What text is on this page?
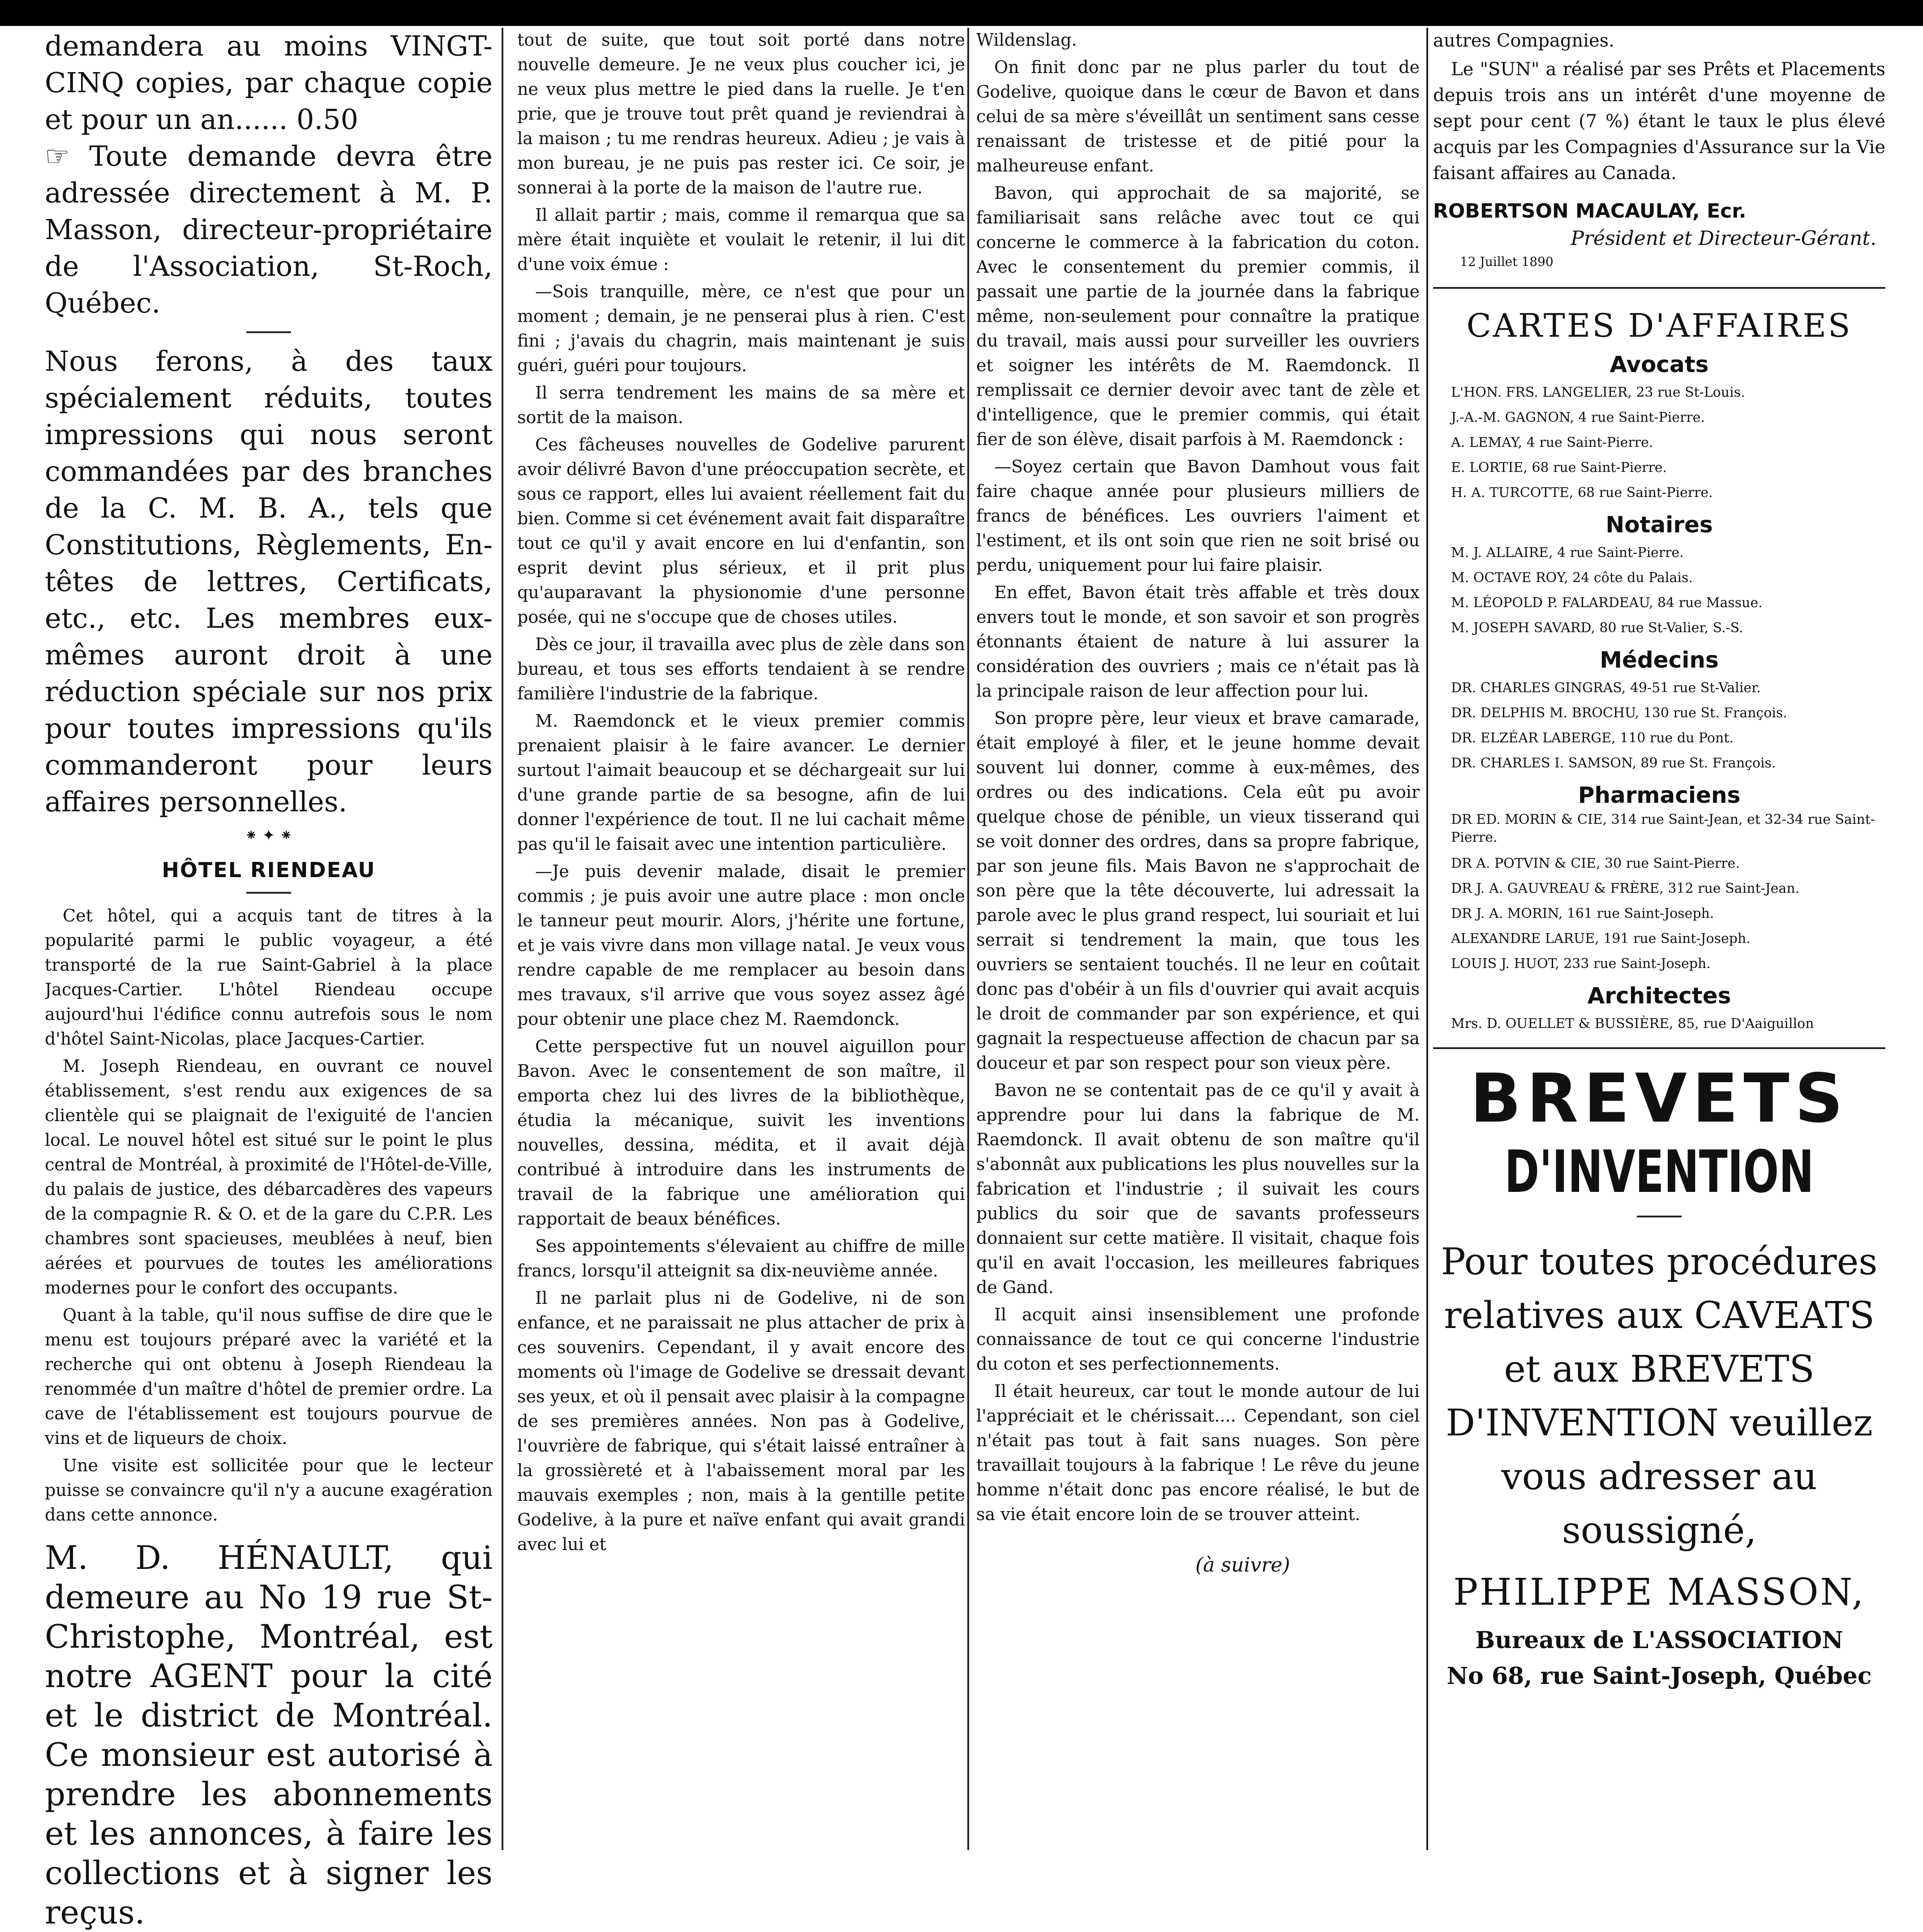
demandera au moins VINGT-CINQ copies, par chaque copie et pour un an...... 0.50

☞ Toute demande devra être adressée directement à M. P. Masson, directeur-propriétaire de l'Association, St-Roch, Québec.

Nous ferons, à des taux spécialement réduits, toutes impressions qui nous seront commandées par des branches de la C. M. B. A., tels que Constitutions, Règlements, En-têtes de lettres, Certificats, etc., etc. Les membres eux-mêmes auront droit à une réduction spéciale sur nos prix pour toutes impressions qu'ils commanderont pour leurs affaires personnelles.

⁕ ✦ ⁕
HÔTEL RIENDEAU

Cet hôtel, qui a acquis tant de titres à la popularité parmi le public voyageur, a été transporté de la rue Saint-Gabriel à la place Jacques-Cartier. L'hôtel Riendeau occupe aujourd'hui l'édifice connu autrefois sous le nom d'hôtel Saint-Nicolas, place Jacques-Cartier.

M. Joseph Riendeau, en ouvrant ce nouvel établissement, s'est rendu aux exigences de sa clientèle qui se plaignait de l'exiguité de l'ancien local. Le nouvel hôtel est situé sur le point le plus central de Montréal, à proximité de l'Hôtel-de-Ville, du palais de justice, des débarcadères des vapeurs de la compagnie R. & O. et de la gare du C.P.R. Les chambres sont spacieuses, meublées à neuf, bien aérées et pourvues de toutes les améliorations modernes pour le confort des occupants.

Quant à la table, qu'il nous suffise de dire que le menu est toujours préparé avec la variété et la recherche qui ont obtenu à Joseph Riendeau la renommée d'un maître d'hôtel de premier ordre. La cave de l'établissement est toujours pourvue de vins et de liqueurs de choix.

Une visite est sollicitée pour que le lecteur puisse se convaincre qu'il n'y a aucune exagération dans cette annonce.

M. D. HÉNAULT, qui demeure au No 19 rue St-Christophe, Montréal, est notre AGENT pour la cité et le district de Montréal. Ce monsieur est autorisé à prendre les abonnements et les annonces, à faire les collections et à signer les reçus.

tout de suite, que tout soit porté dans notre nouvelle demeure. Je ne veux plus coucher ici, je ne veux plus mettre le pied dans la ruelle. Je t'en prie, que je trouve tout prêt quand je reviendrai à la maison ; tu me rendras heureux. Adieu ; je vais à mon bureau, je ne puis pas rester ici. Ce soir, je sonnerai à la porte de la maison de l'autre rue.

Il allait partir ; mais, comme il remarqua que sa mère était inquiète et voulait le retenir, il lui dit d'une voix émue :

—Sois tranquille, mère, ce n'est que pour un moment ; demain, je ne penserai plus à rien. C'est fini ; j'avais du chagrin, mais maintenant je suis guéri, guéri pour toujours.

Il serra tendrement les mains de sa mère et sortit de la maison.

Ces fâcheuses nouvelles de Godelive parurent avoir délivré Bavon d'une préoccupation secrète, et sous ce rapport, elles lui avaient réellement fait du bien. Comme si cet événement avait fait disparaître tout ce qu'il y avait encore en lui d'enfantin, son esprit devint plus sérieux, et il prit plus qu'auparavant la physionomie d'une personne posée, qui ne s'occupe que de choses utiles.

Dès ce jour, il travailla avec plus de zèle dans son bureau, et tous ses efforts tendaient à se rendre familière l'industrie de la fabrique.

M. Raemdonck et le vieux premier commis prenaient plaisir à le faire avancer. Le dernier surtout l'aimait beaucoup et se déchargeait sur lui d'une grande partie de sa besogne, afin de lui donner l'expérience de tout. Il ne lui cachait même pas qu'il le faisait avec une intention particulière.

—Je puis devenir malade, disait le premier commis ; je puis avoir une autre place : mon oncle le tanneur peut mourir. Alors, j'hérite une fortune, et je vais vivre dans mon village natal. Je veux vous rendre capable de me remplacer au besoin dans mes travaux, s'il arrive que vous soyez assez âgé pour obtenir une place chez M. Raemdonck.

Cette perspective fut un nouvel aiguillon pour Bavon. Avec le consentement de son maître, il emporta chez lui des livres de la bibliothèque, étudia la mécanique, suivit les inventions nouvelles, dessina, médita, et il avait déjà contribué à introduire dans les instruments de travail de la fabrique une amélioration qui rapportait de beaux bénéfices.

Ses appointements s'élevaient au chiffre de mille francs, lorsqu'il atteignit sa dix-neuvième année.

Il ne parlait plus ni de Godelive, ni de son enfance, et ne paraissait ne plus attacher de prix à ces souvenirs. Cependant, il y avait encore des moments où l'image de Godelive se dressait devant ses yeux, et où il pensait avec plaisir à la compagne de ses premières années. Non pas à Godelive, l'ouvrière de fabrique, qui s'était laissé entraîner à la grossièreté et à l'abaissement moral par les mauvais exemples ; non, mais à la gentille petite Godelive, à la pure et naïve enfant qui avait grandi avec lui et

Wildenslag.

On finit donc par ne plus parler du tout de Godelive, quoique dans le cœur de Bavon et dans celui de sa mère s'éveillât un sentiment sans cesse renaissant de tristesse et de pitié pour la malheureuse enfant.

Bavon, qui approchait de sa majorité, se familiarisait sans relâche avec tout ce qui concerne le commerce à la fabrication du coton. Avec le consentement du premier commis, il passait une partie de la journée dans la fabrique même, non-seulement pour connaître la pratique du travail, mais aussi pour surveiller les ouvriers et soigner les intérêts de M. Raemdonck. Il remplissait ce dernier devoir avec tant de zèle et d'intelligence, que le premier commis, qui était fier de son élève, disait parfois à M. Raemdonck :

—Soyez certain que Bavon Damhout vous fait faire chaque année pour plusieurs milliers de francs de bénéfices. Les ouvriers l'aiment et l'estiment, et ils ont soin que rien ne soit brisé ou perdu, uniquement pour lui faire plaisir.

En effet, Bavon était très affable et très doux envers tout le monde, et son savoir et son progrès étonnants étaient de nature à lui assurer la considération des ouvriers ; mais ce n'était pas là la principale raison de leur affection pour lui.

Son propre père, leur vieux et brave camarade, était employé à filer, et le jeune homme devait souvent lui donner, comme à eux-mêmes, des ordres ou des indications. Cela eût pu avoir quelque chose de pénible, un vieux tisserand qui se voit donner des ordres, dans sa propre fabrique, par son jeune fils. Mais Bavon ne s'approchait de son père que la tête découverte, lui adressait la parole avec le plus grand respect, lui souriait et lui serrait si tendrement la main, que tous les ouvriers se sentaient touchés. Il ne leur en coûtait donc pas d'obéir à un fils d'ouvrier qui avait acquis le droit de commander par son expérience, et qui gagnait la respectueuse affection de chacun par sa douceur et par son respect pour son vieux père.

Bavon ne se contentait pas de ce qu'il y avait à apprendre pour lui dans la fabrique de M. Raemdonck. Il avait obtenu de son maître qu'il s'abonnât aux publications les plus nouvelles sur la fabrication et l'industrie ; il suivait les cours publics du soir que de savants professeurs donnaient sur cette matière. Il visitait, chaque fois qu'il en avait l'occasion, les meilleures fabriques de Gand.

Il acquit ainsi insensiblement une profonde connaissance de tout ce qui concerne l'industrie du coton et ses perfectionnements.

Il était heureux, car tout le monde autour de lui l'appréciait et le chérissait.... Cependant, son ciel n'était pas tout à fait sans nuages. Son père travaillait toujours à la fabrique ! Le rêve du jeune homme n'était donc pas encore réalisé, le but de sa vie était encore loin de se trouver atteint.

(à suivre)

autres Compagnies.

Le "SUN" a réalisé par ses Prêts et Placements depuis trois ans un intérêt d'une moyenne de sept pour cent (7 %) étant le taux le plus élevé acquis par les Compagnies d'Assurance sur la Vie faisant affaires au Canada.

ROBERTSON MACAULAY, Ecr.
Président et Directeur-Gérant.
12 Juillet 1890
CARTES D'AFFAIRES
Avocats
L'HON. FRS. LANGELIER, 23 rue St-Louis.
J.-A.-M. GAGNON, 4 rue Saint-Pierre.
A. LEMAY, 4 rue Saint-Pierre.
E. LORTIE, 68 rue Saint-Pierre.
H. A. TURCOTTE, 68 rue Saint-Pierre.
Notaires
M. J. ALLAIRE, 4 rue Saint-Pierre.
M. OCTAVE ROY, 24 côte du Palais.
M. LÉOPOLD P. FALARDEAU, 84 rue Massue.
M. JOSEPH SAVARD, 80 rue St-Valier, S.-S.
Médecins
DR. CHARLES GINGRAS, 49-51 rue St-Valier.
DR. DELPHIS M. BROCHU, 130 rue St. François.
DR. ELZÉAR LABERGE, 110 rue du Pont.
DR. CHARLES I. SAMSON, 89 rue St. François.
Pharmaciens
DR ED. MORIN & CIE, 314 rue Saint-Jean, et 32-34 rue Saint-Pierre.
DR A. POTVIN & CIE, 30 rue Saint-Pierre.
DR J. A. GAUVREAU & FRÈRE, 312 rue Saint-Jean.
DR J. A. MORIN, 161 rue Saint-Joseph.
ALEXANDRE LARUE, 191 rue Saint-Joseph.
LOUIS J. HUOT, 233 rue Saint-Joseph.
Architectes
Mrs. D. OUELLET & BUSSIÈRE, 85, rue D'Aaiguillon
BREVETS
D'INVENTION

Pour toutes procédures relatives aux CAVEATS et aux BREVETS D'INVENTION veuillez vous adresser au soussigné,

PHILIPPE MASSON,
Bureaux de L'ASSOCIATION
No 68, rue Saint-Joseph, Québec
